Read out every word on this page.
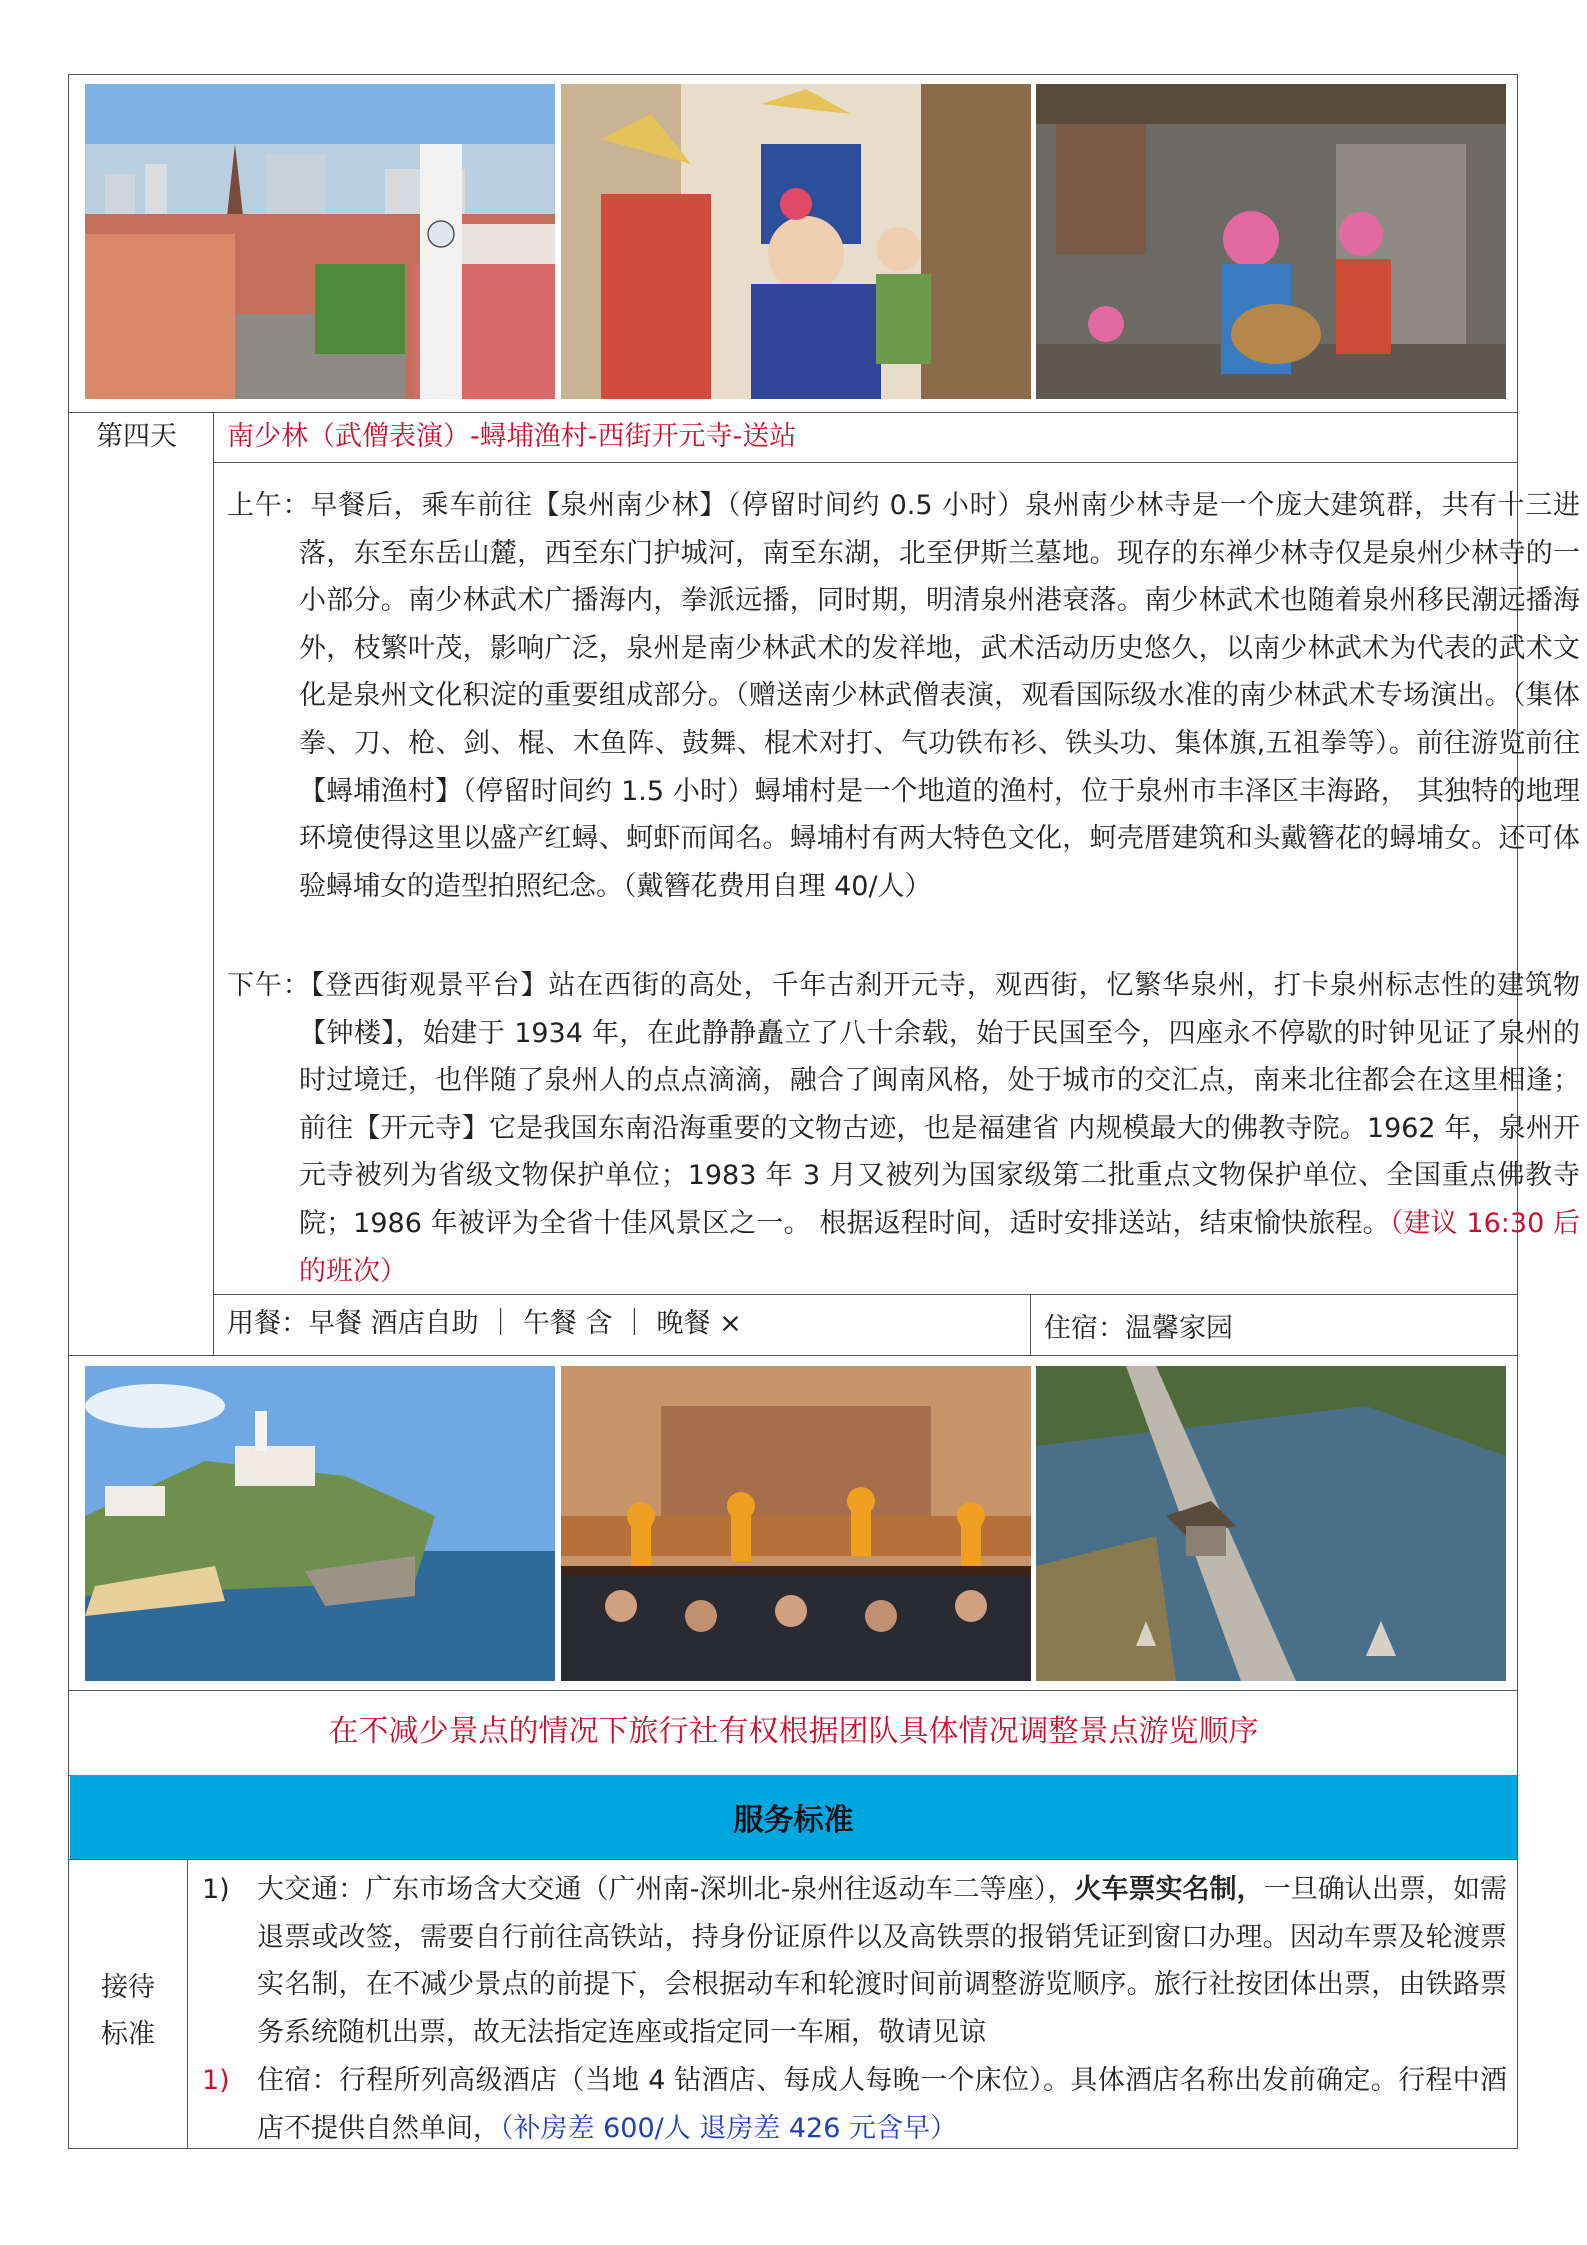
第四天	南少林（武僧表演）-蟳埔渔村-西街开元寺-送站
上午：早餐后，乘车前往【泉州南少林】（停留时间约 0.5 小时）泉州南少林寺是一个庞大建筑群，共有十三进落，东至东岳山麓，西至东门护城河，南至东湖，北至伊斯兰墓地。现存的东禅少林寺仅是泉州少林寺的一小部分。南少林武术广播海内，拳派远播，同时期，明清泉州港衰落。南少林武术也随着泉州移民潮远播海外，枝繁叶茂，影响广泛，泉州是南少林武术的发祥地，武术活动历史悠久，以南少林武术为代表的武术文化是泉州文化积淀的重要组成部分。（赠送南少林武僧表演，观看国际级水准的南少林武术专场演出。（集体拳、刀、枪、剑、棍、木鱼阵、鼓舞、棍术对打、气功铁布衫、铁头功、集体旗,五祖拳等）。前往游览前往【蟳埔渔村】（停留时间约 1.5 小时）蟳埔村是一个地道的渔村，位于泉州市丰泽区丰海路， 其独特的地理环境使得这里以盛产红蟳、蚵虾而闻名。蟳埔村有两大特色文化，蚵壳厝建筑和头戴簪花的蟳埔女。还可体验蟳埔女的造型拍照纪念。（戴簪花费用自理 40/人）
下午：【登西街观景平台】站在西街的高处，千年古刹开元寺，观西街，忆繁华泉州，打卡泉州标志性的建筑物【钟楼】，始建于 1934 年，在此静静矗立了八十余载，始于民国至今，四座永不停歇的时钟见证了泉州的时过境迁，也伴随了泉州人的点点滴滴，融合了闽南风格，处于城市的交汇点，南来北往都会在这里相逢；前往【开元寺】它是我国东南沿海重要的文物古迹，也是福建省 内规模最大的佛教寺院。1962 年，泉州开元寺被列为省级文物保护单位；1983 年 3 月又被列为国家级第二批重点文物保护单位、全国重点佛教寺院；1986 年被评为全省十佳风景区之一。 根据返程时间，适时安排送站，结束愉快旅程。（建议 16:30 后的班次）
用餐：早餐 酒店自助 ｜ 午餐 含 ｜ 晚餐 ×	住宿：温馨家园
在不减少景点的情况下旅行社有权根据团队具体情况调整景点游览顺序
服务标准
接待
标准
1)	大交通：广东市场含大交通（广州南-深圳北-泉州往返动车二等座），火车票实名制，一旦确认出票，如需退票或改签，需要自行前往高铁站，持身份证原件以及高铁票的报销凭证到窗口办理。因动车票及轮渡票实名制，在不减少景点的前提下，会根据动车和轮渡时间前调整游览顺序。旅行社按团体出票，由铁路票务系统随机出票，故无法指定连座或指定同一车厢，敬请见谅
1)	住宿：行程所列高级酒店（当地 4 钻酒店、每成人每晚一个床位）。具体酒店名称出发前确定。行程中酒店不提供自然单间，（补房差 600/人 退房差 426 元含早）
